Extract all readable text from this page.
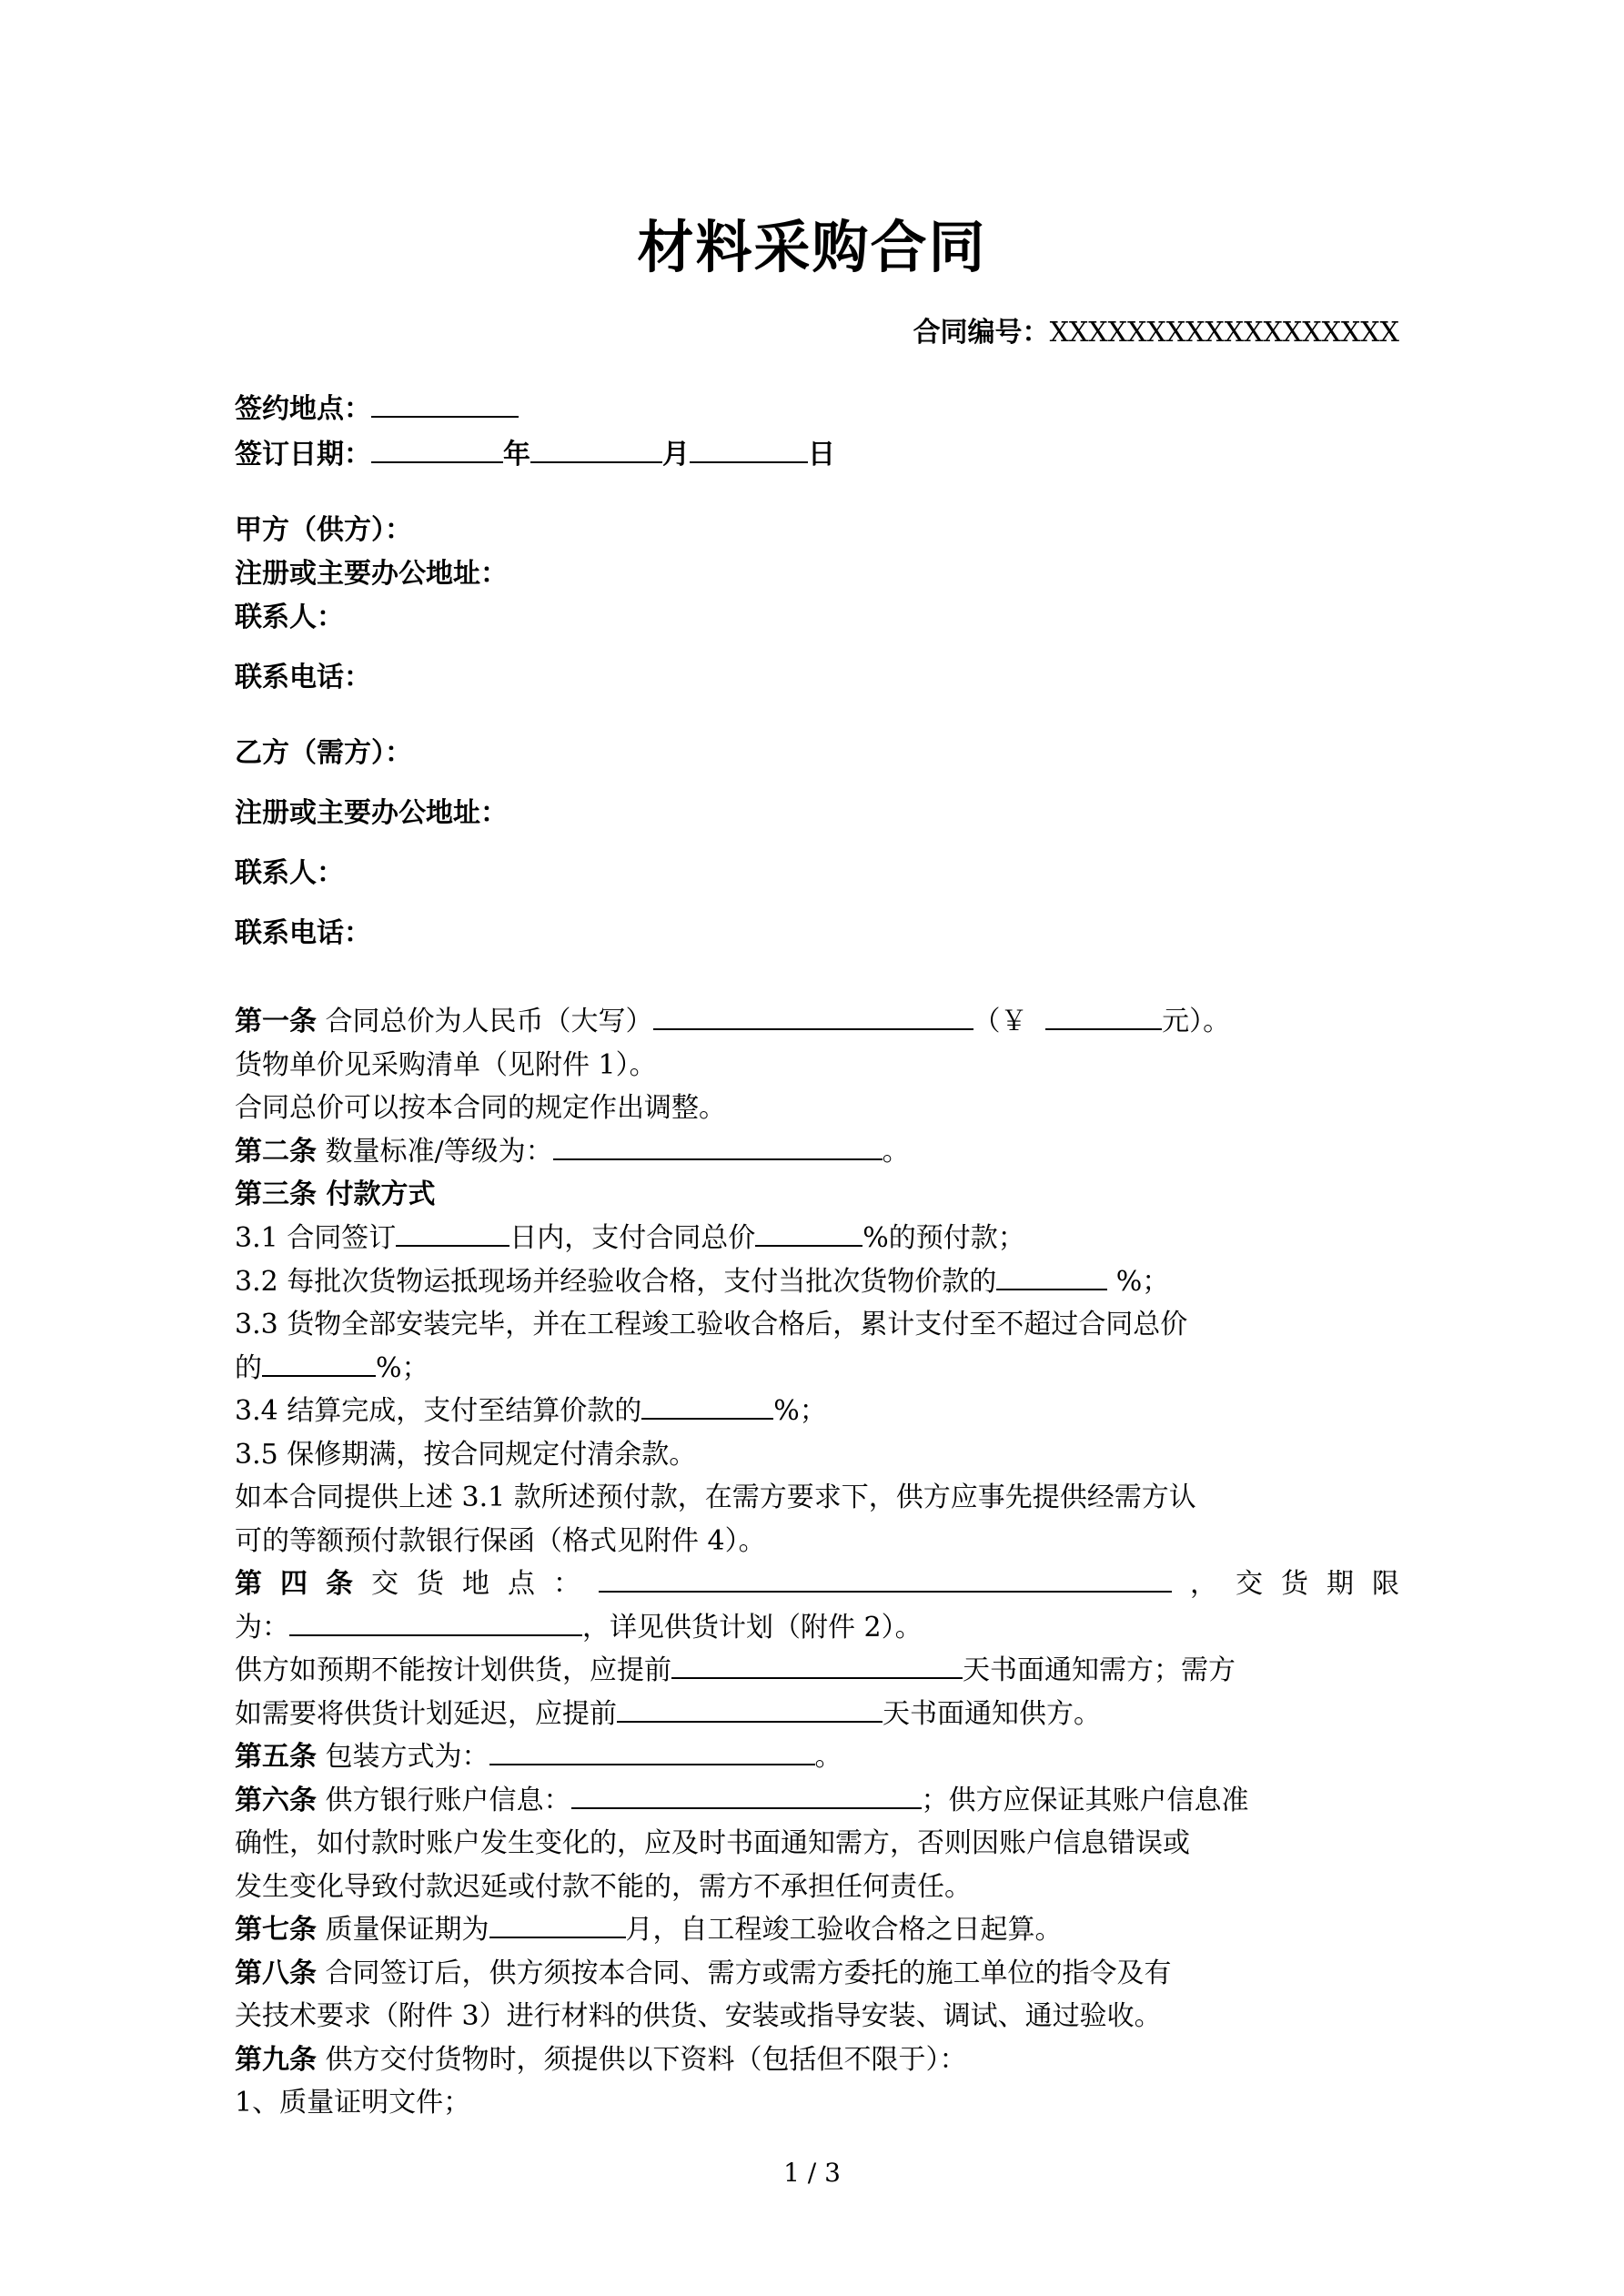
材料采购合同
合同编号：XXXXXXXXXXXXXXXXXX
签约地点：
签订日期：	年	月	日
甲方（供方）：
注册或主要办公地址：
联系人：
联系电话：
乙方（需方）：
注册或主要办公地址：
联系人：
联系电话：
第一条 合同总价为人民币（大写）	（￥	元）。
货物单价见采购清单（见附件 1）。
合同总价可以按本合同的规定作出调整。
第二条 数量标准/等级为：	。
第三条 付款方式
3.1 合同签订	日内，支付合同总价	%的预付款；
3.2 每批次货物运抵现场并经验收合格，支付当批次货物价款的	%；
3.3 货物全部安装完毕，并在工程竣工验收合格后，累计支付至不超过合同总价
的	%；
3.4 结算完成，支付至结算价款的	%；
3.5 保修期满，按合同规定付清余款。
如本合同提供上述 3.1 款所述预付款，在需方要求下，供方应事先提供经需方认
可的等额预付款银行保函（格式见附件 4）。
第 四 条 交 货 地 点 ：	， 交 货 期 限
为：	，详见供货计划（附件 2）。
供方如预期不能按计划供货，应提前	天书面通知需方；需方
如需要将供货计划延迟，应提前	天书面通知供方。
第五条 包装方式为：	。
第六条 供方银行账户信息：	；供方应保证其账户信息准
确性，如付款时账户发生变化的，应及时书面通知需方，否则因账户信息错误或
发生变化导致付款迟延或付款不能的，需方不承担任何责任。
第七条 质量保证期为	月，自工程竣工验收合格之日起算。
第八条 合同签订后，供方须按本合同、需方或需方委托的施工单位的指令及有
关技术要求（附件 3）进行材料的供货、安装或指导安装、调试、通过验收。
第九条 供方交付货物时，须提供以下资料（包括但不限于）：
1、质量证明文件；
1 / 3
